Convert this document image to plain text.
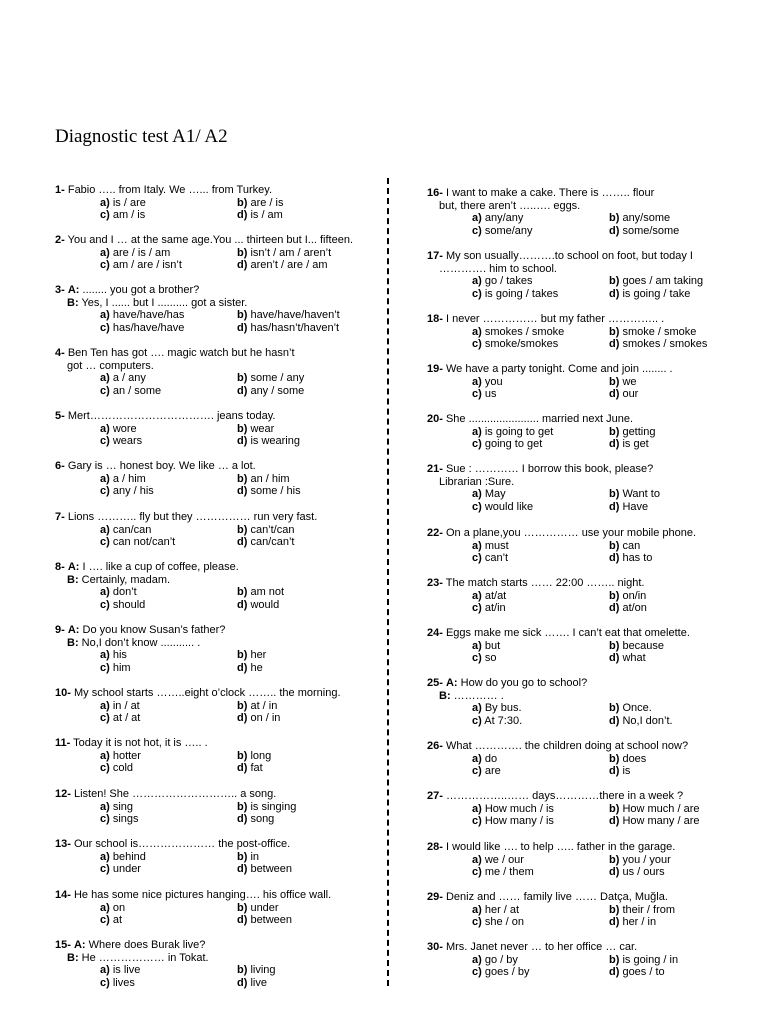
Diagnostic test A1/ A2
1- Fabio ….. from Italy. We …... from Turkey.
a) is / are	b) are / is
c) am / is	d) is / am
2- You and I … at the same age.You ... thirteen but I... fifteen.
a) are / is / am	b) isn’t / am / aren’t
c) am / are / isn’t	d) aren’t / are / am
3- A: ........ you got a brother?
B: Yes, I ...... but I .......... got a sister.
a) have/have/has	b) have/have/haven’t
c) has/have/have	d) has/hasn’t/haven’t
4- Ben Ten has got …. magic watch but he hasn’t
got … computers.
a) a / any	b) some / any
c) an / some	d) any / some
5- Mert……………………………. jeans today.
a) wore	b) wear
c) wears	d) is wearing
6- Gary is … honest boy. We like … a lot.
a) a / him	b) an / him
c) any / his	d) some / his
7- Lions ……….. fly but they …………… run very fast.
a) can/can	b) can’t/can
c) can not/can’t	d) can/can’t
8- A: I …. like a cup of coffee, please.
B: Certainly, madam.
a) don’t	b) am not
c) should	d) would
9- A: Do you know Susan’s father?
B: No,I don’t know ........... .
a) his	b) her
c) him	d) he
10- My school starts ……..eight o’clock …….. the morning.
a) in / at	b) at / in
c) at / at	d) on / in
11- Today it is not hot, it is ….. .
a) hotter	b) long
c) cold	d) fat
12- Listen! She ……………………….. a song.
a) sing	b) is singing
c) sings	d) song
13- Our school is………………… the post-office.
a) behind	b) in
c) under	d) between
14- He has some nice pictures hanging…. his office wall.
a) on	b) under
c) at	d) between
15- A: Where does Burak live?
B: He ……………… in Tokat.
a) is live	b) living
c) lives	d) live
16- I want to make a cake. There is …….. flour
but, there aren’t …..…. eggs.
a) any/any	b) any/some
c) some/any	d) some/some
17- My son usually……….to school on foot, but today I
…………. him to school.
a) go / takes	b) goes / am taking
c) is going / takes	d) is going / take
18- I never …………… but my father ………….. .
a) smokes / smoke	b) smoke / smoke
c) smoke/smokes	d) smokes / smokes
19- We have a party tonight. Come and join ........ .
a) you	b) we
c) us	d) our
20- She ....................... married next June.
a) is going to get	b) getting
c) going to get	d) is get
21- Sue : ………… I borrow this book, please?
Librarian :Sure.
a) May	b) Want to
c) would like	d) Have
22- On a plane,you …………… use your mobile phone.
a) must	b) can
c) can’t	d) has to
23- The match starts …… 22:00 …….. night.
a) at/at	b) on/in
c) at/in	d) at/on
24- Eggs make me sick ……. I can’t eat that omelette.
a) but	b) because
c) so	d) what
25- A: How do you go to school?
B: ………… .
a) By bus.	b) Once.
c) At 7:30.	d) No,I don’t.
26- What …………. the children doing at school now?
a) do	b) does
c) are	d) is
27- ……………..…… days…………there in a week ?
a) How much / is	b) How much / are
c) How many / is	d) How many / are
28- I would like …. to help ….. father in the garage.
a) we / our	b) you / your
c) me / them	d) us / ours
29- Deniz and …… family live …… Datça, Muğla.
a) her / at	b) their / from
c) she / on	d) her / in
30- Mrs. Janet never … to her office … car.
a) go / by	b) is going / in
c) goes / by	d) goes / to
